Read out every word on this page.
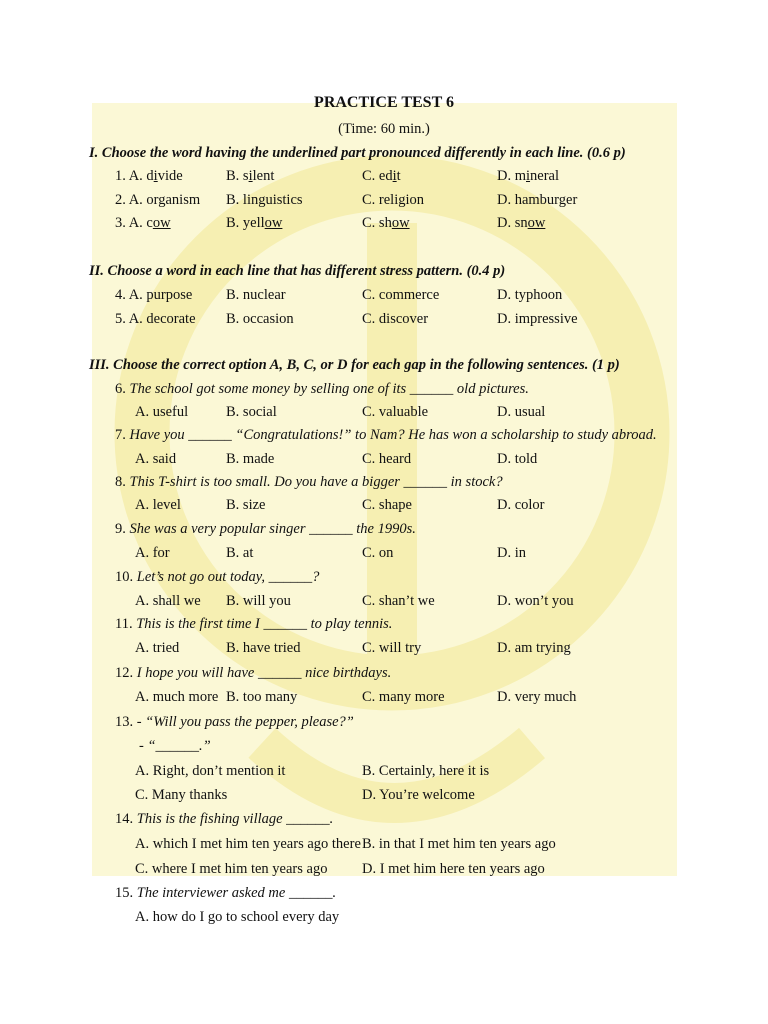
PRACTICE TEST 6
(Time: 60 min.)
I. Choose the word having the underlined part pronounced differently in each line. (0.6 p)
1. A. divide	B. silent	C. edit	D. mineral
2. A. organism B. linguistics	C. religion	D. hamburger
3. A. cow	B. yellow	C. show	D. snow
II. Choose a word in each line that has different stress pattern. (0.4 p)
4. A. purpose B. nuclear	C. commerce	D. typhoon
5. A. decorate B. occasion	C. discover	D. impressive
III. Choose the correct option A, B, C, or D for each gap in the following sentences. (1 p)
6. The school got some money by selling one of its ______ old pictures.
A. useful	B. social	C. valuable	D. usual
7. Have you ______ “Congratulations!” to Nam? He has won a scholarship to study abroad.
A. said	B. made	C. heard	D. told
8. This T-shirt is too small. Do you have a bigger ______ in stock?
A. level	B. size	C. shape	D. color
9. She was a very popular singer ______ the 1990s.
A. for	B. at	C. on	D. in
10. Let’s not go out today, ______?
A. shall we B. will you	C. shan’t we	D. won’t you
11. This is the first time I ______ to play tennis.
A. tried	B. have tried	C. will try	D. am trying
12. I hope you will have ______ nice birthdays.
A. much more B. too many	C. many more	D. very much
13. - “Will you pass the pepper, please?”
- “______.”
A. Right, don’t mention it	B. Certainly, here it is
C. Many thanks	D. You’re welcome
14. This is the fishing village ______.
A. which I met him ten years ago there B. in that I met him ten years ago
C. where I met him ten years ago D. I met him here ten years ago
15. The interviewer asked me ______.
A. how do I go to school every day
